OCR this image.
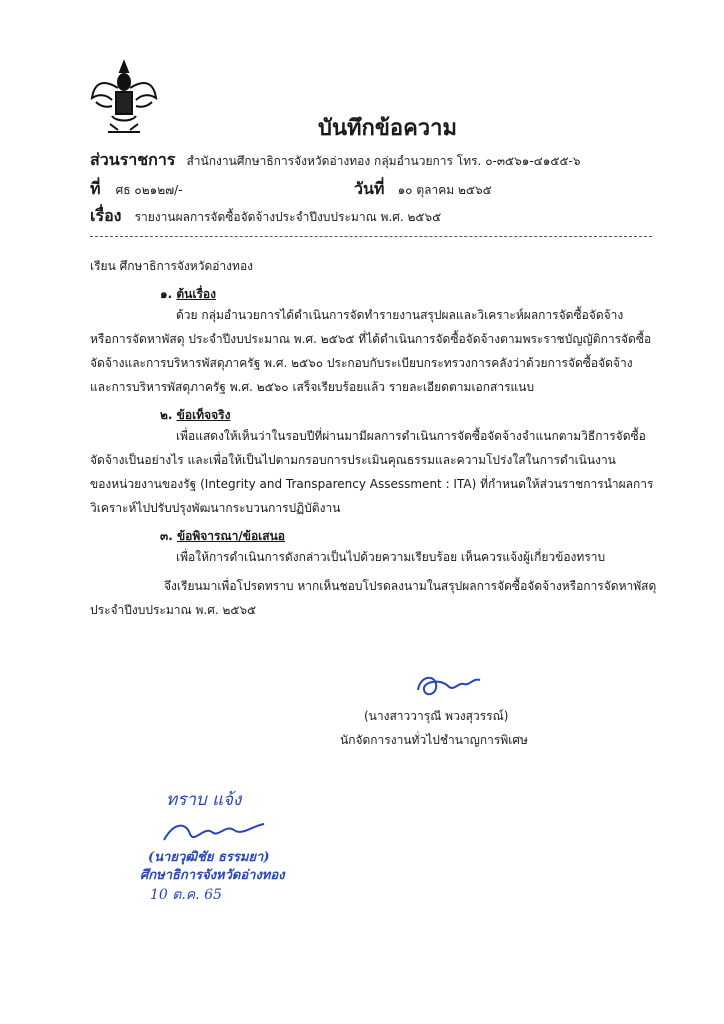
บันทึกข้อความ
ส่วนราชการ สำนักงานศึกษาธิการจังหวัดอ่างทอง กลุ่มอำนวยการ โทร. ๐-๓๕๖๑-๔๑๕๕-๖
ที่ ศธ ๐๒๑๒๗/-	วันที่ ๑๐ ตุลาคม ๒๕๖๕
เรื่อง รายงานผลการจัดซื้อจัดจ้างประจำปีงบประมาณ พ.ศ. ๒๕๖๕
เรียน ศึกษาธิการจังหวัดอ่างทอง
๑. ต้นเรื่อง
ด้วย กลุ่มอำนวยการได้ดำเนินการจัดทำรายงานสรุปผลและวิเคราะห์ผลการจัดซื้อจัดจ้าง
หรือการจัดหาพัสดุ ประจำปีงบประมาณ พ.ศ. ๒๕๖๕ ที่ได้ดำเนินการจัดซื้อจัดจ้างตามพระราชบัญญัติการจัดซื้อ
จัดจ้างและการบริหารพัสดุภาครัฐ พ.ศ. ๒๕๖๐ ประกอบกับระเบียบกระทรวงการคลังว่าด้วยการจัดซื้อจัดจ้าง
และการบริหารพัสดุภาครัฐ พ.ศ. ๒๕๖๐ เสร็จเรียบร้อยแล้ว รายละเอียดตามเอกสารแนบ
๒. ข้อเท็จจริง
เพื่อแสดงให้เห็นว่าในรอบปีที่ผ่านมามีผลการดำเนินการจัดซื้อจัดจ้างจำแนกตามวิธีการจัดซื้อ
จัดจ้างเป็นอย่างไร และเพื่อให้เป็นไปตามกรอบการประเมินคุณธรรมและความโปร่งใสในการดำเนินงาน
ของหน่วยงานของรัฐ (Integrity and Transparency Assessment : ITA) ที่กำหนดให้ส่วนราชการนำผลการ
วิเคราะห์ไปปรับปรุงพัฒนากระบวนการปฏิบัติงาน
๓. ข้อพิจารณา/ข้อเสนอ
เพื่อให้การดำเนินการดังกล่าวเป็นไปด้วยความเรียบร้อย เห็นควรแจ้งผู้เกี่ยวข้องทราบ
จึงเรียนมาเพื่อโปรดทราบ หากเห็นชอบโปรดลงนามในสรุปผลการจัดซื้อจัดจ้างหรือการจัดหาพัสดุ
ประจำปีงบประมาณ พ.ศ. ๒๕๖๕
(นางสาววารุณี พวงสุวรรณ์)
นักจัดการงานทั่วไปชำนาญการพิเศษ
ทราบ แจ้ง
(นายวุฒิชัย ธรรมยา)
ศึกษาธิการจังหวัดอ่างทอง
10 ต.ค. 65
